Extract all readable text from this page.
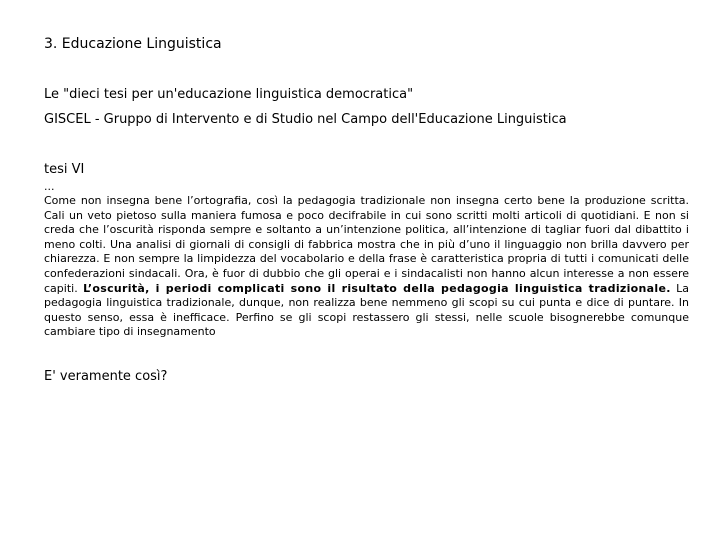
3. Educazione Linguistica
Le "dieci tesi per un'educazione linguistica democratica"
GISCEL - Gruppo di Intervento e di Studio nel Campo dell'Educazione Linguistica
tesi VI
...
Come non insegna bene l’ortografia, così la pedagogia tradizionale non insegna certo bene la produzione scritta. Cali un veto pietoso sulla maniera fumosa e poco decifrabile in cui sono scritti molti articoli di quotidiani. E non si creda che l’oscurità risponda sempre e soltanto a un’intenzione politica, all’intenzione di tagliar fuori dal dibattito i meno colti. Una analisi di giornali di consigli di fabbrica mostra che in più d’uno il linguaggio non brilla davvero per chiarezza. E non sempre la limpidezza del vocabolario e della frase è caratteristica propria di tutti i comunicati delle confederazioni sindacali. Ora, è fuor di dubbio che gli operai e i sindacalisti non hanno alcun interesse a non essere capiti. L’oscurità, i periodi complicati sono il risultato della pedagogia linguistica tradizionale. La pedagogia linguistica tradizionale, dunque, non realizza bene nemmeno gli scopi su cui punta e dice di puntare. In questo senso, essa è inefficace. Perfino se gli scopi restassero gli stessi, nelle scuole bisognerebbe comunque cambiare tipo di insegnamento
E' veramente così?
